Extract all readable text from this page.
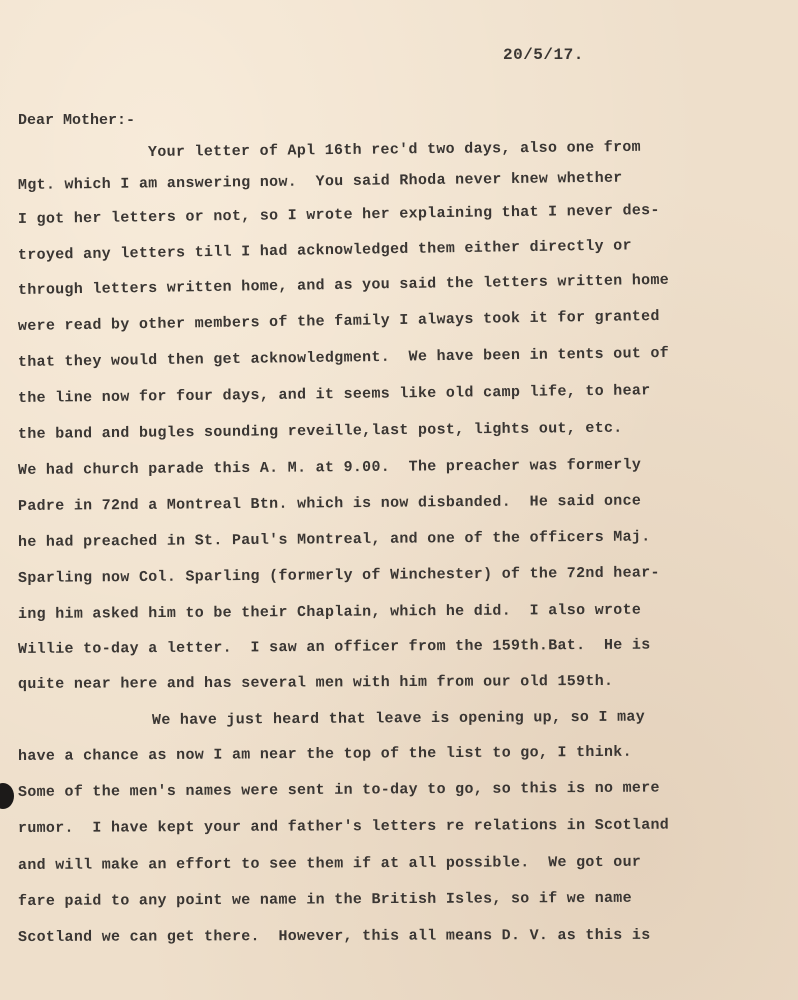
20/5/17.
Dear Mother:-
Your letter of Apl 16th rec'd two days, also one from
Mgt. which I am answering now.  You said Rhoda never knew whether
I got her letters or not, so I wrote her explaining that I never des-
troyed any letters till I had acknowledged them either directly or
through letters written home, and as you said the letters written home
were read by other members of the family I always took it for granted
that they would then get acknowledgment.  We have been in tents out of
the line now for four days, and it seems like old camp life, to hear
the band and bugles sounding reveille,last post, lights out, etc.
We had church parade this A. M. at 9.00.  The preacher was formerly
Padre in 72nd a Montreal Btn. which is now disbanded.  He said once
he had preached in St. Paul's Montreal, and one of the officers Maj.
Sparling now Col. Sparling (formerly of Winchester) of the 72nd hear-
ing him asked him to be their Chaplain, which he did.  I also wrote
Willie to-day a letter.  I saw an officer from the 159th.Bat.  He is
quite near here and has several men with him from our old 159th.
We have just heard that leave is opening up, so I may
have a chance as now I am near the top of the list to go, I think.
Some of the men's names were sent in to-day to go, so this is no mere
rumor.  I have kept your and father's letters re relations in Scotland
and will make an effort to see them if at all possible.  We got our
fare paid to any point we name in the British Isles, so if we name
Scotland we can get there.  However, this all means D. V. as this is
